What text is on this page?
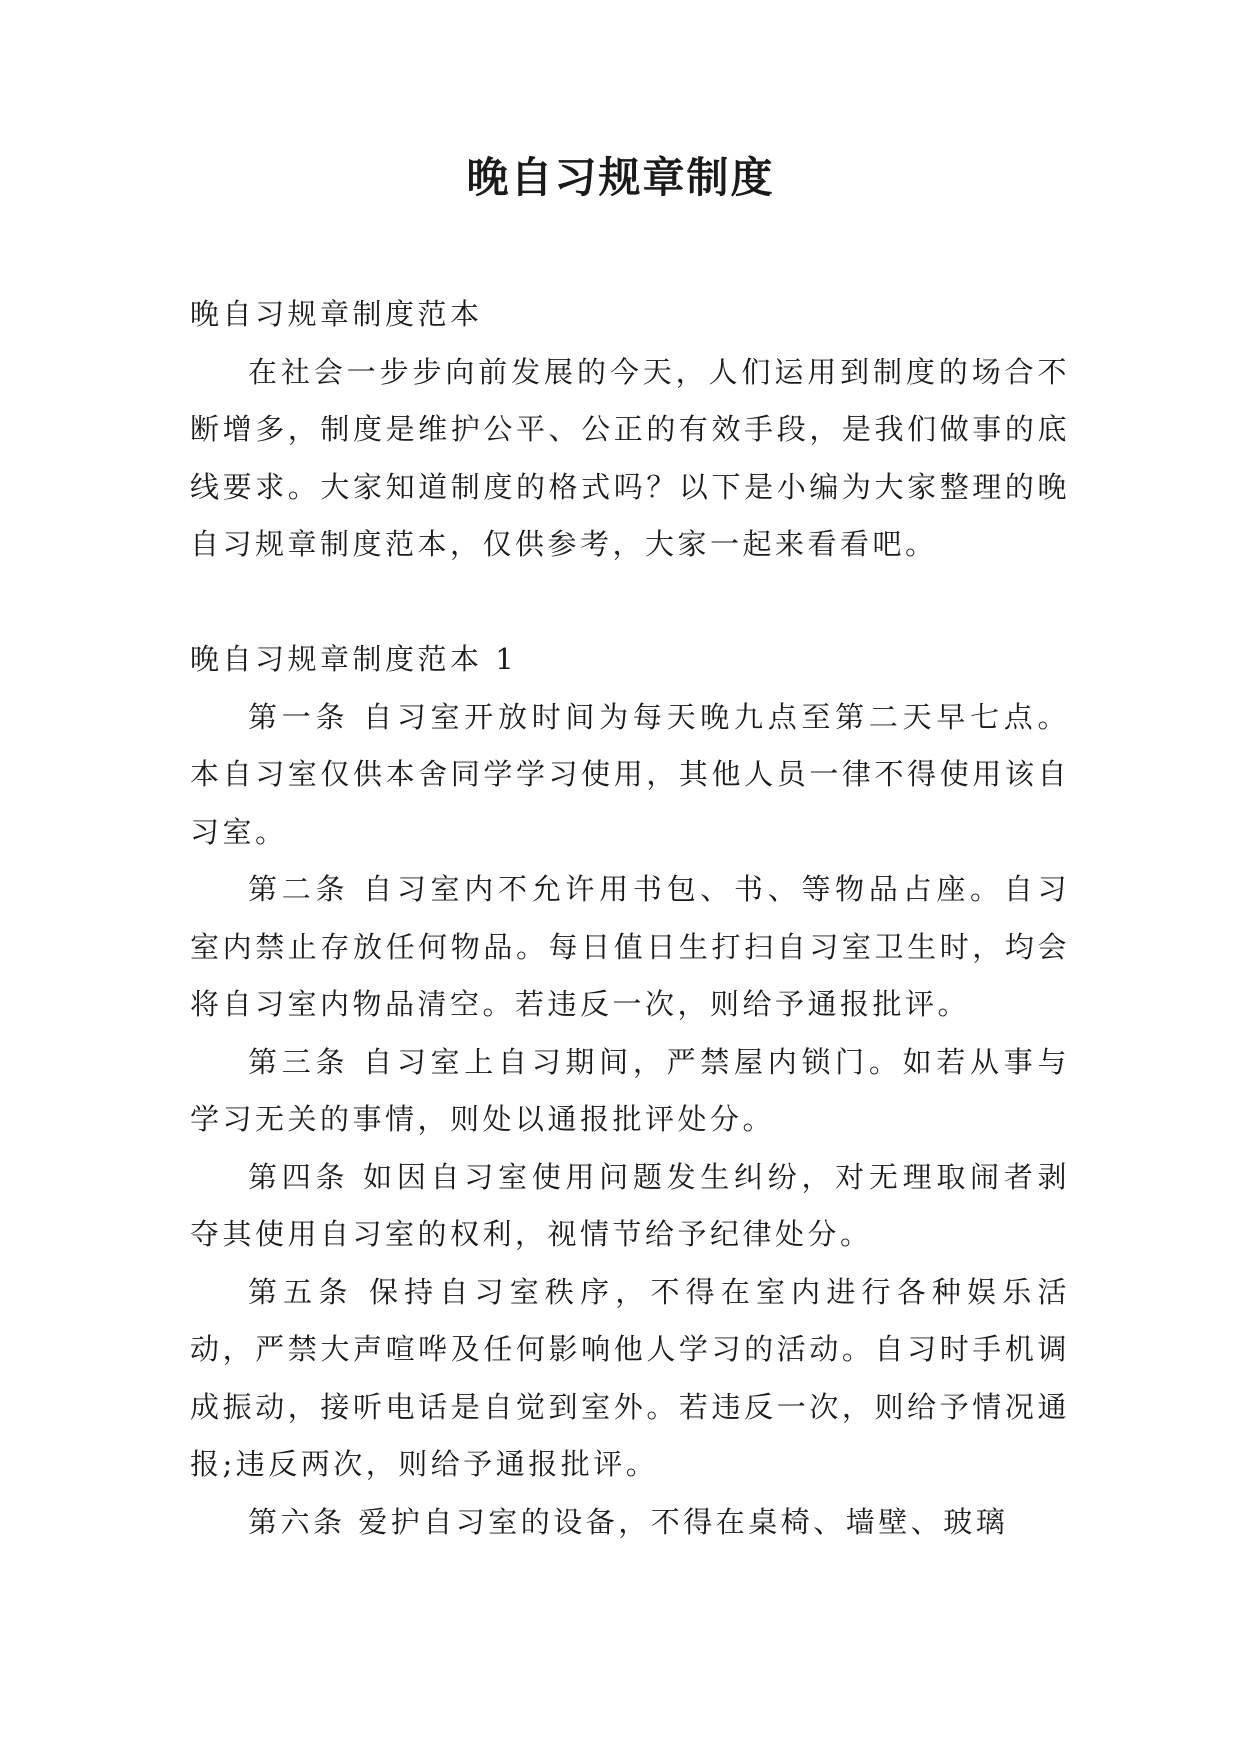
晚自习规章制度

晚自习规章制度范本

在社会一步步向前发展的今天，人们运用到制度的场合不断增多，制度是维护公平、公正的有效手段，是我们做事的底线要求。大家知道制度的格式吗？以下是小编为大家整理的晚自习规章制度范本，仅供参考，大家一起来看看吧。

晚自习规章制度范本 1

第一条 自习室开放时间为每天晚九点至第二天早七点。本自习室仅供本舍同学学习使用，其他人员一律不得使用该自习室。

第二条 自习室内不允许用书包、书、等物品占座。自习室内禁止存放任何物品。每日值日生打扫自习室卫生时，均会将自习室内物品清空。若违反一次，则给予通报批评。

第三条 自习室上自习期间，严禁屋内锁门。如若从事与学习无关的事情，则处以通报批评处分。

第四条 如因自习室使用问题发生纠纷，对无理取闹者剥夺其使用自习室的权利，视情节给予纪律处分。

第五条 保持自习室秩序，不得在室内进行各种娱乐活动，严禁大声喧哗及任何影响他人学习的活动。自习时手机调成振动，接听电话是自觉到室外。若违反一次，则给予情况通报;违反两次，则给予通报批评。

第六条 爱护自习室的设备，不得在桌椅、墙壁、玻璃
